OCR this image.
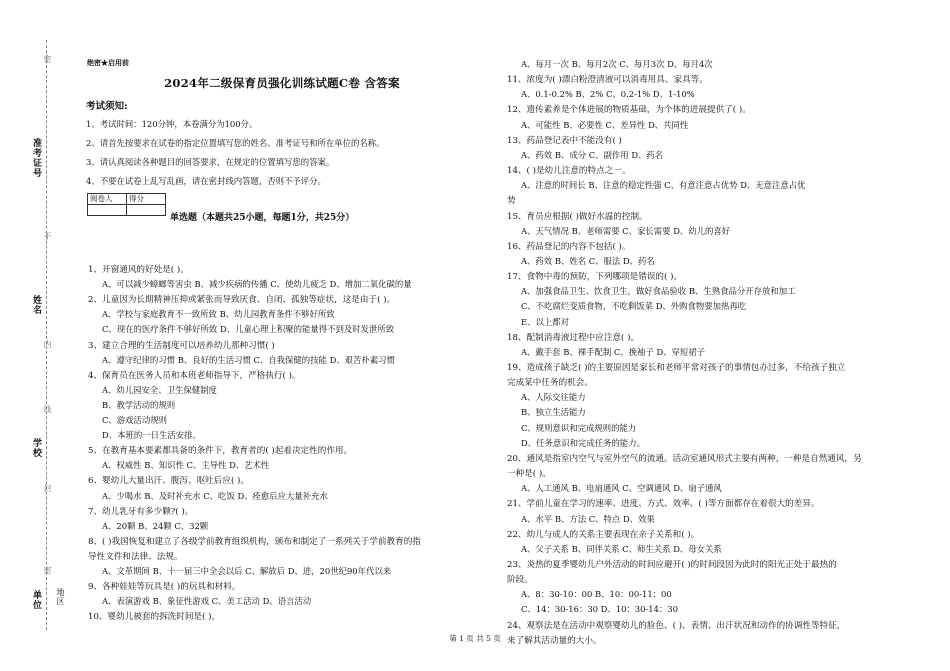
准考证号
姓名
学校
单位
密
不
内
线
封
密
地区
绝密★启用前
2024年二级保育员强化训练试题C卷 含答案
考试须知:
1、考试时间：120分钟，本卷满分为100分。
2、请首先按要求在试卷的指定位置填写您的姓名、准考证号和所在单位的名称。
3、请认真阅读各种题目的回答要求，在规定的位置填写您的答案。
4、不要在试卷上乱写乱画，请在密封线内答题，否则不予评分。
阅卷人	得分

单选题（本题共25小题，每题1分，共25分）
1、开窗通风的好处是( )。
A、可以减少蟑螂等害虫 B、减少疾病的传播 C、使幼儿疲乏 D、增加二氧化碳的量
2、儿童因为长期精神压抑或紧张而导致厌食、自闭、孤独等症状，这是由于( )。
A、学校与家庭教育不一致所致 B、幼儿园教育条件不够好所致
C、现在的医疗条件不够好所致 D、儿童心理上积聚的能量得不到及时发泄所致
3、建立合理的生活制度可以培养幼儿那种习惯( )
A、遵守纪律的习惯 B、良好的生活习惯 C、自我保健的技能 D、艰苦朴素习惯
4、保育员在医务人员和本班老师指导下，严格执行( )。
A、幼儿园安全、卫生保健制度
B、教学活动的规则
C、游戏活动规则
D、本班的一日生活安排。
5、在教育基本要素都具备的条件下，教育者的( )起着决定性的作用。
A、权威性 B、知识性 C、主导性 D、艺术性
6、婴幼儿大量出汗、腹泻、呕吐后应( )。
A、少喝水 B、及时补充水 C、吃饭 D、痊愈后应大量补充水
7、幼儿乳牙有多少颗?( )。
A、20颗 B、24颗 C、32颗
8、( )我国恢复和建立了各级学前教育组织机构，颁布和制定了一系列关于学前教育的指
导性文件和法律、法规。
A、文革期间 B、十一届三中全会以后 C、解放后 D、进，20世纪90年代以来
9、各种娃娃等玩具是( )的玩具和材料。
A、表演游戏 B、象征性游戏 C、美工活动 D、语言活动
10、婴幼儿被套的拆洗时间是( )。
A、每月一次 B、每月2次 C、每月3次 D、每月4次
11、浓度为( )漂白粉澄清液可以消毒用具、家具等。
A、0.1-0.2% B、2% C、0.2-1% D、1-10%
12、遗传素养是个体进展的物质基础，为个体的进展提供了( )。
A、可能性 B、必要性 C、差异性 D、共同性
13、药品登记表中不能没有( )
A、药效 B、成分 C、副作用 D、药名
14、( )是幼儿注意的特点之一。
A、注意的时间长 B、注意的稳定性强 C、有意注意占优势 D、无意注意占优
势
15、育员应根据( )做好水温的控制。
A、天气情况 B、老师需要 C、家长需要 D、幼儿的喜好
16、药品登记的内容不包括( )。
A、药效 B、姓名 C、服法 D、药名
17、食物中毒的预防，下列哪项是错误的( )。
A、加强食品卫生、饮食卫生，做好食品验收 B、生熟食品分开存放和加工
C、不吃腐烂变质食物，不吃剩饭菜 D、外购食物要加热再吃
E、以上都对
18、配制消毒液过程中应注意( )。
A、戴手套 B、裸手配制 C、挽袖子 D、穿短裙子
19、造成孩子缺乏( )的主要原因是家长和老师平常对孩子的事情包办过多，不给孩子独立
完成某中任务的机会。
A、人际交往能力
B、独立生活能力
C、规则意识和完成规则的能力
D、任务意识和完成任务的能力。
20、通风是指室内空气与室外空气的流通。活动室通风形式主要有两种，一种是自然通风，另
一种是( )。
A、人工通风 B、电扇通风 C、空调通风 D、扇子通风
21、学前儿童在学习的速率、进度、方式、效率、( )等方面都存在着很大的差异。
A、水平 B、方法 C、特点 D、效果
22、幼儿与成人的关系主要表现在亲子关系和( )。
A、父子关系 B、同伴关系 C、师生关系 D、母女关系
23、炎热的夏季婴幼儿户外活动的时间应避开( )的时间段因为此时的阳光正处于最热的
阶段。
A、8：30-10：00 B、10：00-11：00
C、14：30-16：30 D、10：30-14：30
24、观察法是在活动中观察婴幼儿的脸色、( )、表情、出汗状况和动作的协调性等特征，
来了解其活动量的大小。
第 1 页 共 5 页
